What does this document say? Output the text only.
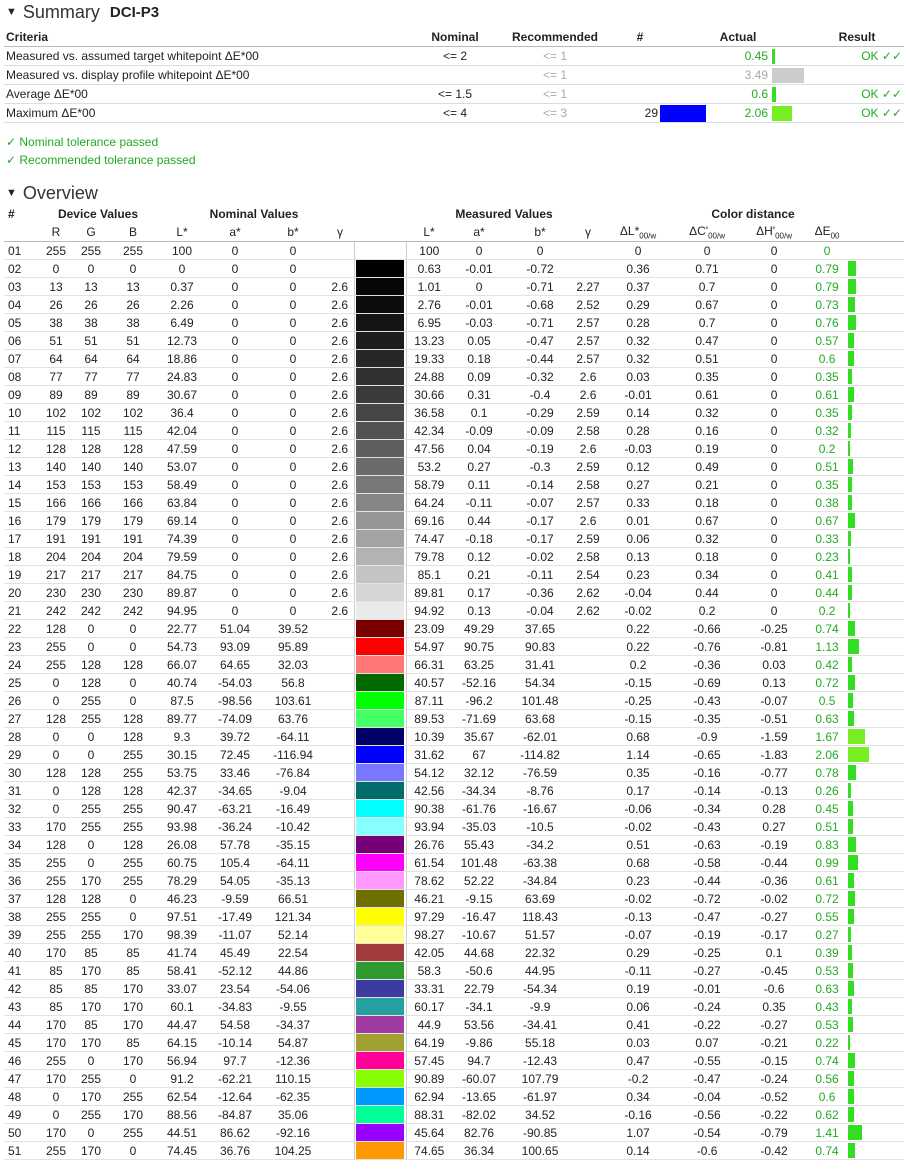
▼ Summary DCI-P3
Criteria	Nominal	Recommended	#		Actual		Result
Measured vs. assumed target whitepoint ΔE*00	<= 2	<= 1			0.45		OK ✓✓
Measured vs. display profile whitepoint ΔE*00		<= 1			3.49		
Average ΔE*00	<= 1.5	<= 1			0.6		OK ✓✓
Maximum ΔE*00	<= 4	<= 3	29		2.06		OK ✓✓
✓ Nominal tolerance passed
✓ Recommended tolerance passed
▼ Overview
#	Device Values			Nominal Values					Measured Values				Color distance				
	R	G	B	L*	a*	b*	γ		L*	a*	b*	γ	$\Delta L*_{00/w}$	$\Delta C'_{00/w}$	$\Delta H'_{00/w}$	$\Delta E_{00}$	
01	255	255	255	100	0	0			100	0	0		0	0	0	0	
02	0	0	0	0	0	0			0.63	-0.01	-0.72		0.36	0.71	0	0.79	
03	13	13	13	0.37	0	0	2.6		1.01	0	-0.71	2.27	0.37	0.7	0	0.79	
04	26	26	26	2.26	0	0	2.6		2.76	-0.01	-0.68	2.52	0.29	0.67	0	0.73	
05	38	38	38	6.49	0	0	2.6		6.95	-0.03	-0.71	2.57	0.28	0.7	0	0.76	
06	51	51	51	12.73	0	0	2.6		13.23	0.05	-0.47	2.57	0.32	0.47	0	0.57	
07	64	64	64	18.86	0	0	2.6		19.33	0.18	-0.44	2.57	0.32	0.51	0	0.6	
08	77	77	77	24.83	0	0	2.6		24.88	0.09	-0.32	2.6	0.03	0.35	0	0.35	
09	89	89	89	30.67	0	0	2.6		30.66	0.31	-0.4	2.6	-0.01	0.61	0	0.61	
10	102	102	102	36.4	0	0	2.6		36.58	0.1	-0.29	2.59	0.14	0.32	0	0.35	
11	115	115	115	42.04	0	0	2.6		42.34	-0.09	-0.09	2.58	0.28	0.16	0	0.32	
12	128	128	128	47.59	0	0	2.6		47.56	0.04	-0.19	2.6	-0.03	0.19	0	0.2	
13	140	140	140	53.07	0	0	2.6		53.2	0.27	-0.3	2.59	0.12	0.49	0	0.51	
14	153	153	153	58.49	0	0	2.6		58.79	0.11	-0.14	2.58	0.27	0.21	0	0.35	
15	166	166	166	63.84	0	0	2.6		64.24	-0.11	-0.07	2.57	0.33	0.18	0	0.38	
16	179	179	179	69.14	0	0	2.6		69.16	0.44	-0.17	2.6	0.01	0.67	0	0.67	
17	191	191	191	74.39	0	0	2.6		74.47	-0.18	-0.17	2.59	0.06	0.32	0	0.33	
18	204	204	204	79.59	0	0	2.6		79.78	0.12	-0.02	2.58	0.13	0.18	0	0.23	
19	217	217	217	84.75	0	0	2.6		85.1	0.21	-0.11	2.54	0.23	0.34	0	0.41	
20	230	230	230	89.87	0	0	2.6		89.81	0.17	-0.36	2.62	-0.04	0.44	0	0.44	
21	242	242	242	94.95	0	0	2.6		94.92	0.13	-0.04	2.62	-0.02	0.2	0	0.2	
22	128	0	0	22.77	51.04	39.52			23.09	49.29	37.65		0.22	-0.66	-0.25	0.74	
23	255	0	0	54.73	93.09	95.89			54.97	90.75	90.83		0.22	-0.76	-0.81	1.13	
24	255	128	128	66.07	64.65	32.03			66.31	63.25	31.41		0.2	-0.36	0.03	0.42	
25	0	128	0	40.74	-54.03	56.8			40.57	-52.16	54.34		-0.15	-0.69	0.13	0.72	
26	0	255	0	87.5	-98.56	103.61			87.11	-96.2	101.48		-0.25	-0.43	-0.07	0.5	
27	128	255	128	89.77	-74.09	63.76			89.53	-71.69	63.68		-0.15	-0.35	-0.51	0.63	
28	0	0	128	9.3	39.72	-64.11			10.39	35.67	-62.01		0.68	-0.9	-1.59	1.67	
29	0	0	255	30.15	72.45	-116.94			31.62	67	-114.82		1.14	-0.65	-1.83	2.06	
30	128	128	255	53.75	33.46	-76.84			54.12	32.12	-76.59		0.35	-0.16	-0.77	0.78	
31	0	128	128	42.37	-34.65	-9.04			42.56	-34.34	-8.76		0.17	-0.14	-0.13	0.26	
32	0	255	255	90.47	-63.21	-16.49			90.38	-61.76	-16.67		-0.06	-0.34	0.28	0.45	
33	170	255	255	93.98	-36.24	-10.42			93.94	-35.03	-10.5		-0.02	-0.43	0.27	0.51	
34	128	0	128	26.08	57.78	-35.15			26.76	55.43	-34.2		0.51	-0.63	-0.19	0.83	
35	255	0	255	60.75	105.4	-64.11			61.54	101.48	-63.38		0.68	-0.58	-0.44	0.99	
36	255	170	255	78.29	54.05	-35.13			78.62	52.22	-34.84		0.23	-0.44	-0.36	0.61	
37	128	128	0	46.23	-9.59	66.51			46.21	-9.15	63.69		-0.02	-0.72	-0.02	0.72	
38	255	255	0	97.51	-17.49	121.34			97.29	-16.47	118.43		-0.13	-0.47	-0.27	0.55	
39	255	255	170	98.39	-11.07	52.14			98.27	-10.67	51.57		-0.07	-0.19	-0.17	0.27	
40	170	85	85	41.74	45.49	22.54			42.05	44.68	22.32		0.29	-0.25	0.1	0.39	
41	85	170	85	58.41	-52.12	44.86			58.3	-50.6	44.95		-0.11	-0.27	-0.45	0.53	
42	85	85	170	33.07	23.54	-54.06			33.31	22.79	-54.34		0.19	-0.01	-0.6	0.63	
43	85	170	170	60.1	-34.83	-9.55			60.17	-34.1	-9.9		0.06	-0.24	0.35	0.43	
44	170	85	170	44.47	54.58	-34.37			44.9	53.56	-34.41		0.41	-0.22	-0.27	0.53	
45	170	170	85	64.15	-10.14	54.87			64.19	-9.86	55.18		0.03	0.07	-0.21	0.22	
46	255	0	170	56.94	97.7	-12.36			57.45	94.7	-12.43		0.47	-0.55	-0.15	0.74	
47	170	255	0	91.2	-62.21	110.15			90.89	-60.07	107.79		-0.2	-0.47	-0.24	0.56	
48	0	170	255	62.54	-12.64	-62.35			62.94	-13.65	-61.97		0.34	-0.04	-0.52	0.6	
49	0	255	170	88.56	-84.87	35.06			88.31	-82.02	34.52		-0.16	-0.56	-0.22	0.62	
50	170	0	255	44.51	86.62	-92.16			45.64	82.76	-90.85		1.07	-0.54	-0.79	1.41	
51	255	170	0	74.45	36.76	104.25			74.65	36.34	100.65		0.14	-0.6	-0.42	0.74	
